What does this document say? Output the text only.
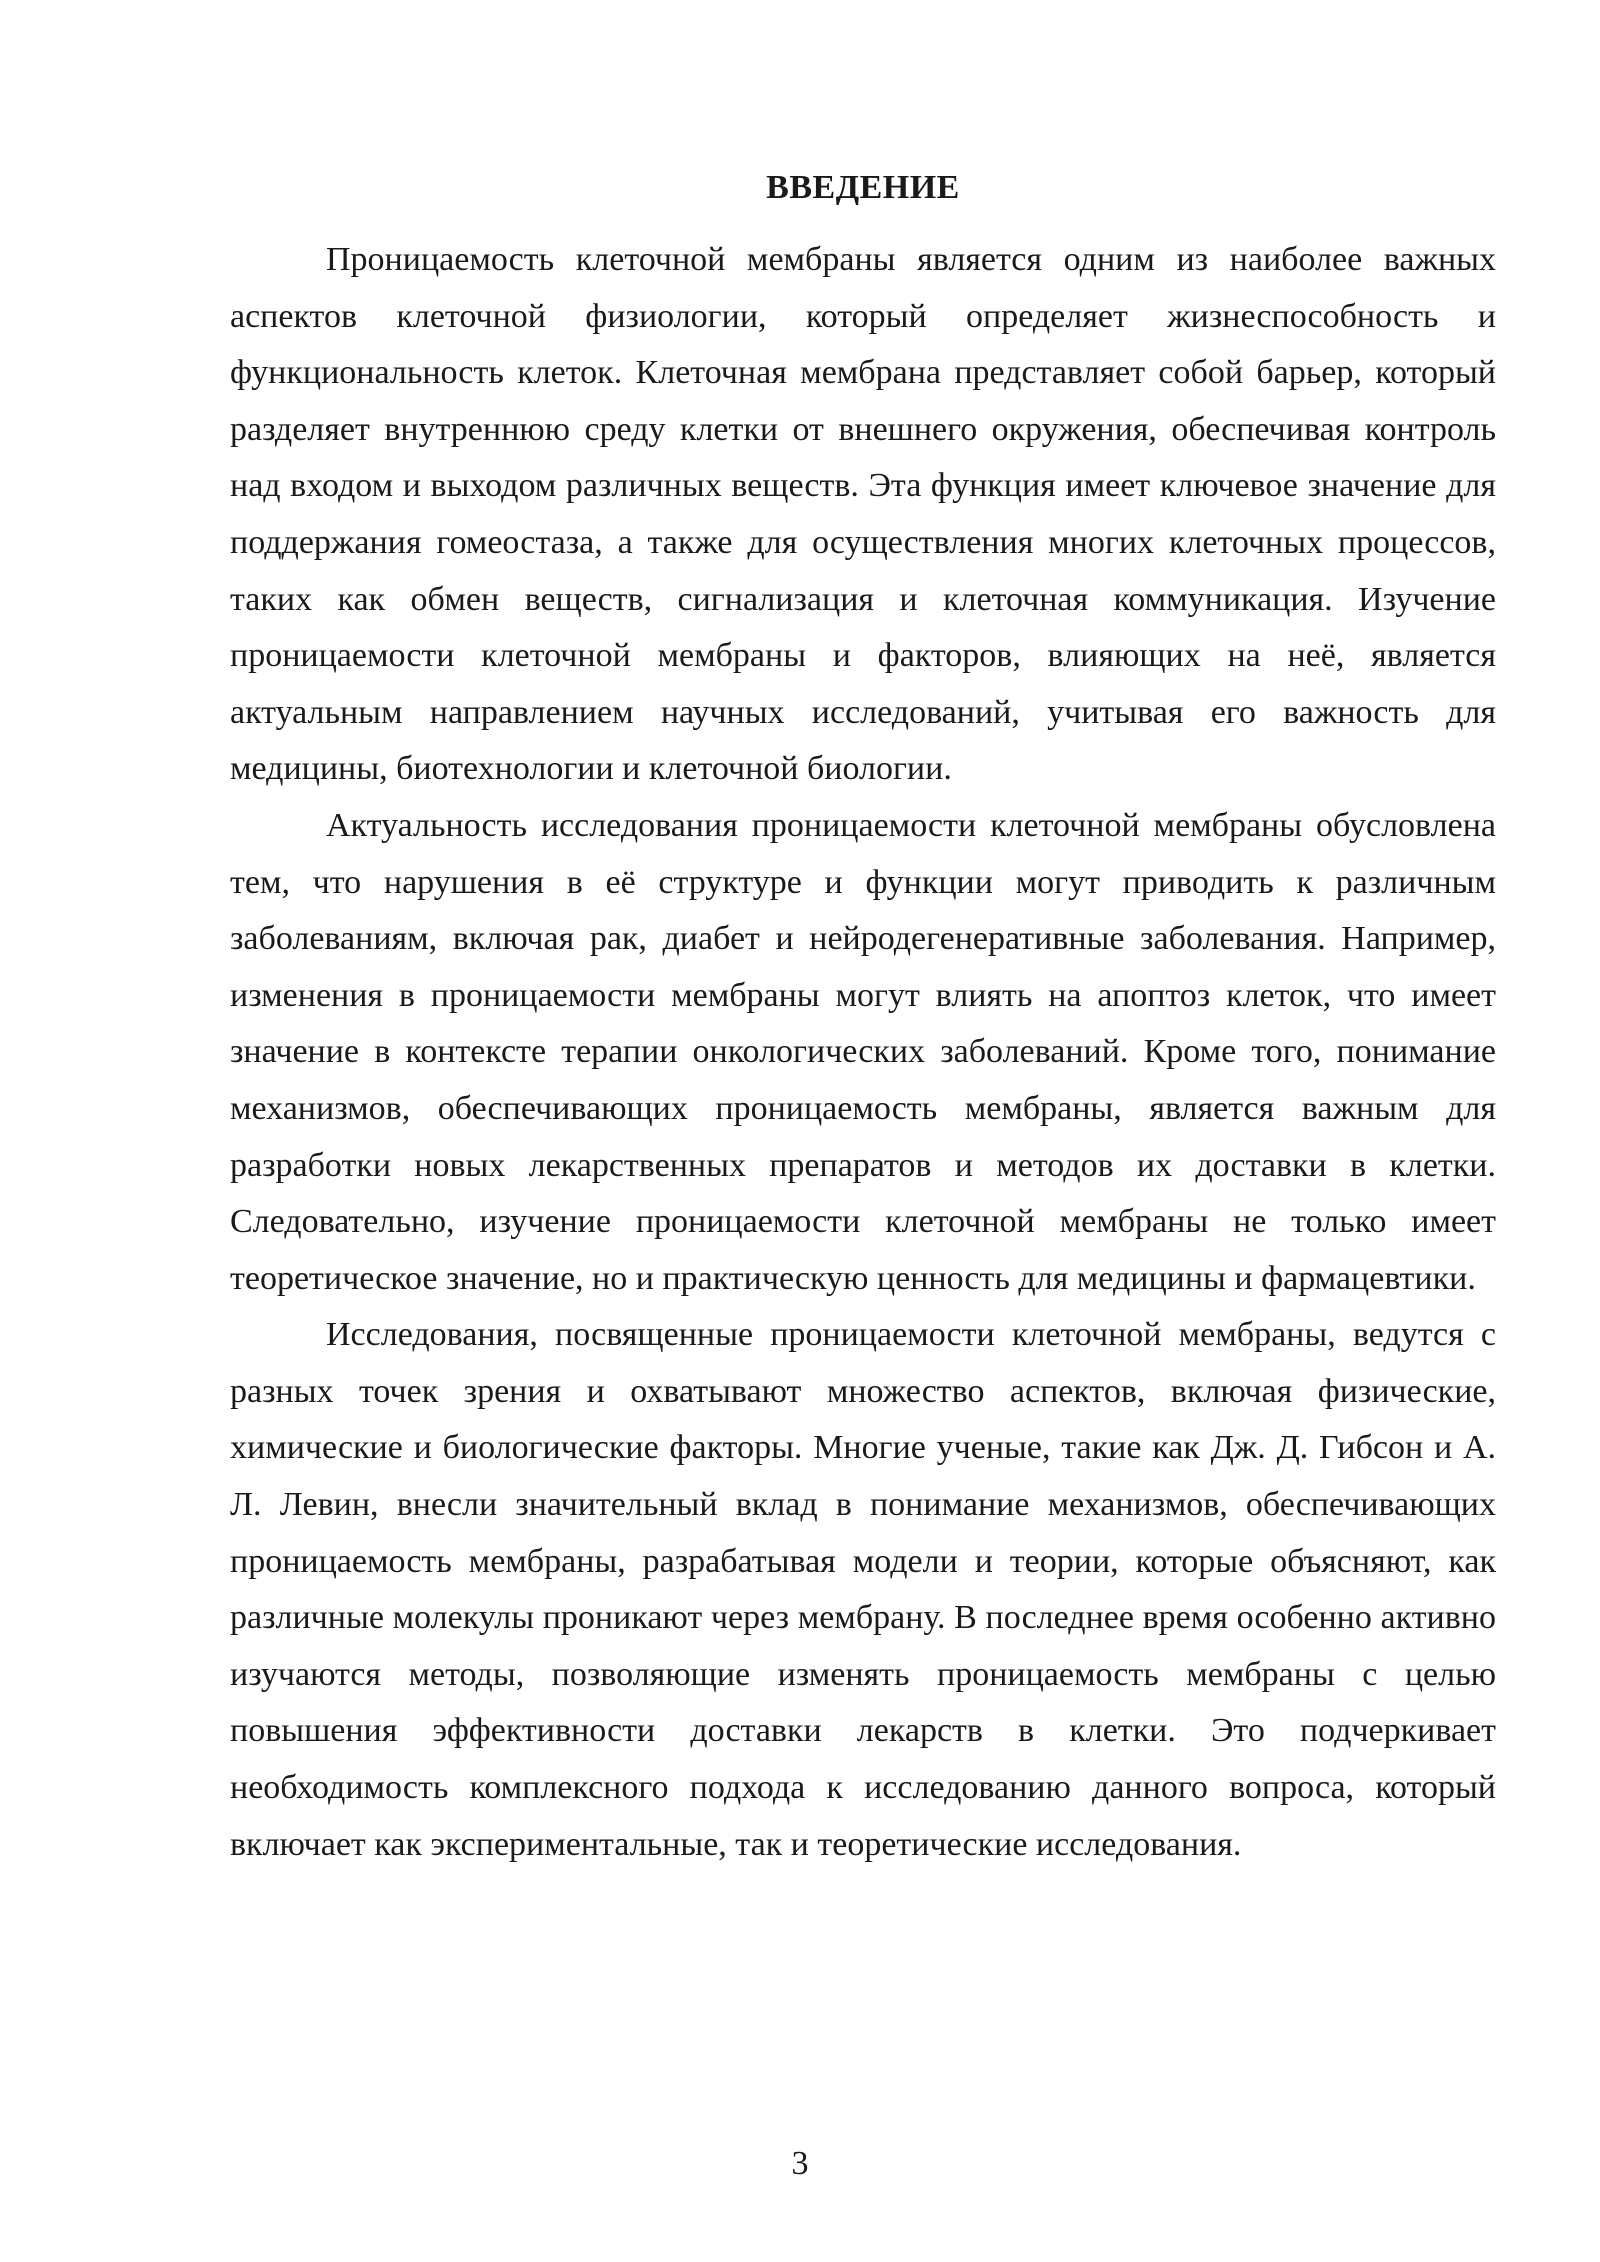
ВВЕДЕНИЕ

Проницаемость клеточной мембраны является одним из наиболее важных аспектов клеточной физиологии, который определяет жизнеспособность и функциональность клеток. Клеточная мембрана представляет собой барьер, который разделяет внутреннюю среду клетки от внешнего окружения, обеспечивая контроль над входом и выходом различных веществ. Эта функция имеет ключевое значение для поддержания гомеостаза, а также для осуществления многих клеточных процессов, таких как обмен веществ, сигнализация и клеточная коммуникация. Изучение проницаемости клеточной мембраны и факторов, влияющих на неё, является актуальным направлением научных исследований, учитывая его важность для медицины, биотехнологии и клеточной биологии.

Актуальность исследования проницаемости клеточной мембраны обусловлена тем, что нарушения в её структуре и функции могут приводить к различным заболеваниям, включая рак, диабет и нейродегенеративные заболевания. Например, изменения в проницаемости мембраны могут влиять на апоптоз клеток, что имеет значение в контексте терапии онкологических заболеваний. Кроме того, понимание механизмов, обеспечивающих проницаемость мембраны, является важным для разработки новых лекарственных препаратов и методов их доставки в клетки. Следовательно, изучение проницаемости клеточной мембраны не только имеет теоретическое значение, но и практическую ценность для медицины и фармацевтики.

Исследования, посвященные проницаемости клеточной мембраны, ведутся с разных точек зрения и охватывают множество аспектов, включая физические, химические и биологические факторы. Многие ученые, такие как Дж. Д. Гибсон и А. Л. Левин, внесли значительный вклад в понимание механизмов, обеспечивающих проницаемость мембраны, разрабатывая модели и теории, которые объясняют, как различные молекулы проникают через мембрану. В последнее время особенно активно изучаются методы, позволяющие изменять проницаемость мембраны с целью повышения эффективности доставки лекарств в клетки. Это подчеркивает необходимость комплексного подхода к исследованию данного вопроса, который включает как экспериментальные, так и теоретические исследования.

3
